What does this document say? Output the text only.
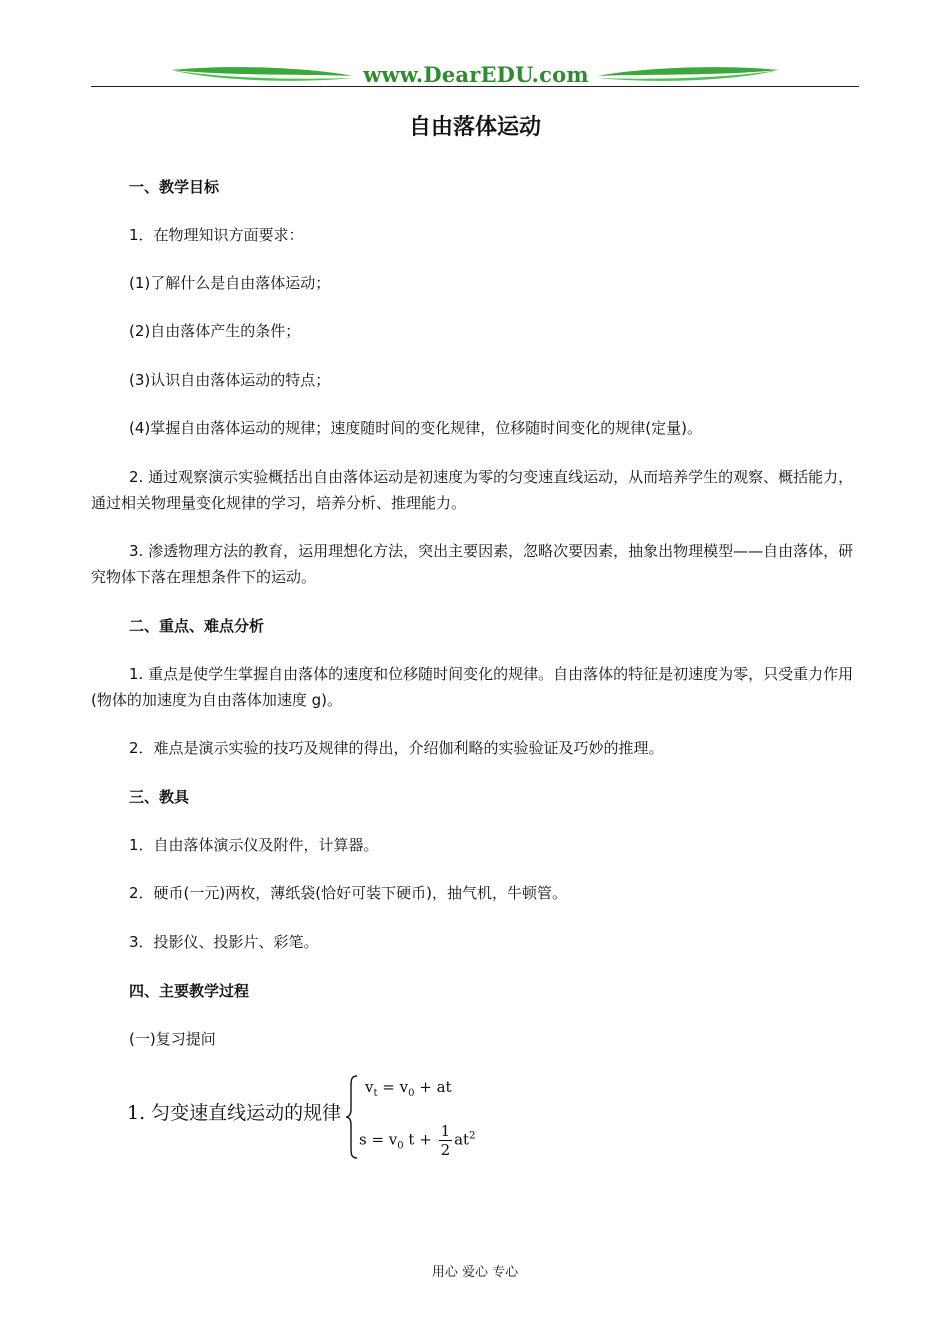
www.DearEDU.com
自由落体运动

一、教学目标

1．在物理知识方面要求：

(1)了解什么是自由落体运动；

(2)自由落体产生的条件；

(3)认识自由落体运动的特点；

(4)掌握自由落体运动的规律；速度随时间的变化规律，位移随时间变化的规律(定量)。

2. 通过观察演示实验概括出自由落体运动是初速度为零的匀变速直线运动，从而培养学生的观察、概括能力，通过相关物理量变化规律的学习，培养分析、推理能力。

3. 渗透物理方法的教育，运用理想化方法，突出主要因素，忽略次要因素，抽象出物理模型——自由落体，研究物体下落在理想条件下的运动。

二、重点、难点分析

1. 重点是使学生掌握自由落体的速度和位移随时间变化的规律。自由落体的特征是初速度为零，只受重力作用(物体的加速度为自由落体加速度 g)。

2．难点是演示实验的技巧及规律的得出，介绍伽利略的实验验证及巧妙的推理。

三、教具

1．自由落体演示仪及附件，计算器。

2．硬币(一元)两枚，薄纸袋(恰好可装下硬币)，抽气机，牛顿管。

3．投影仪、投影片、彩笔。

四、主要教学过程

(一)复习提问

1. 匀变速直线运动的规律
$v_t = v_0$ + at
$s = v_0$ $t + \frac{1}{2} at^2$
用心 爱心 专心
